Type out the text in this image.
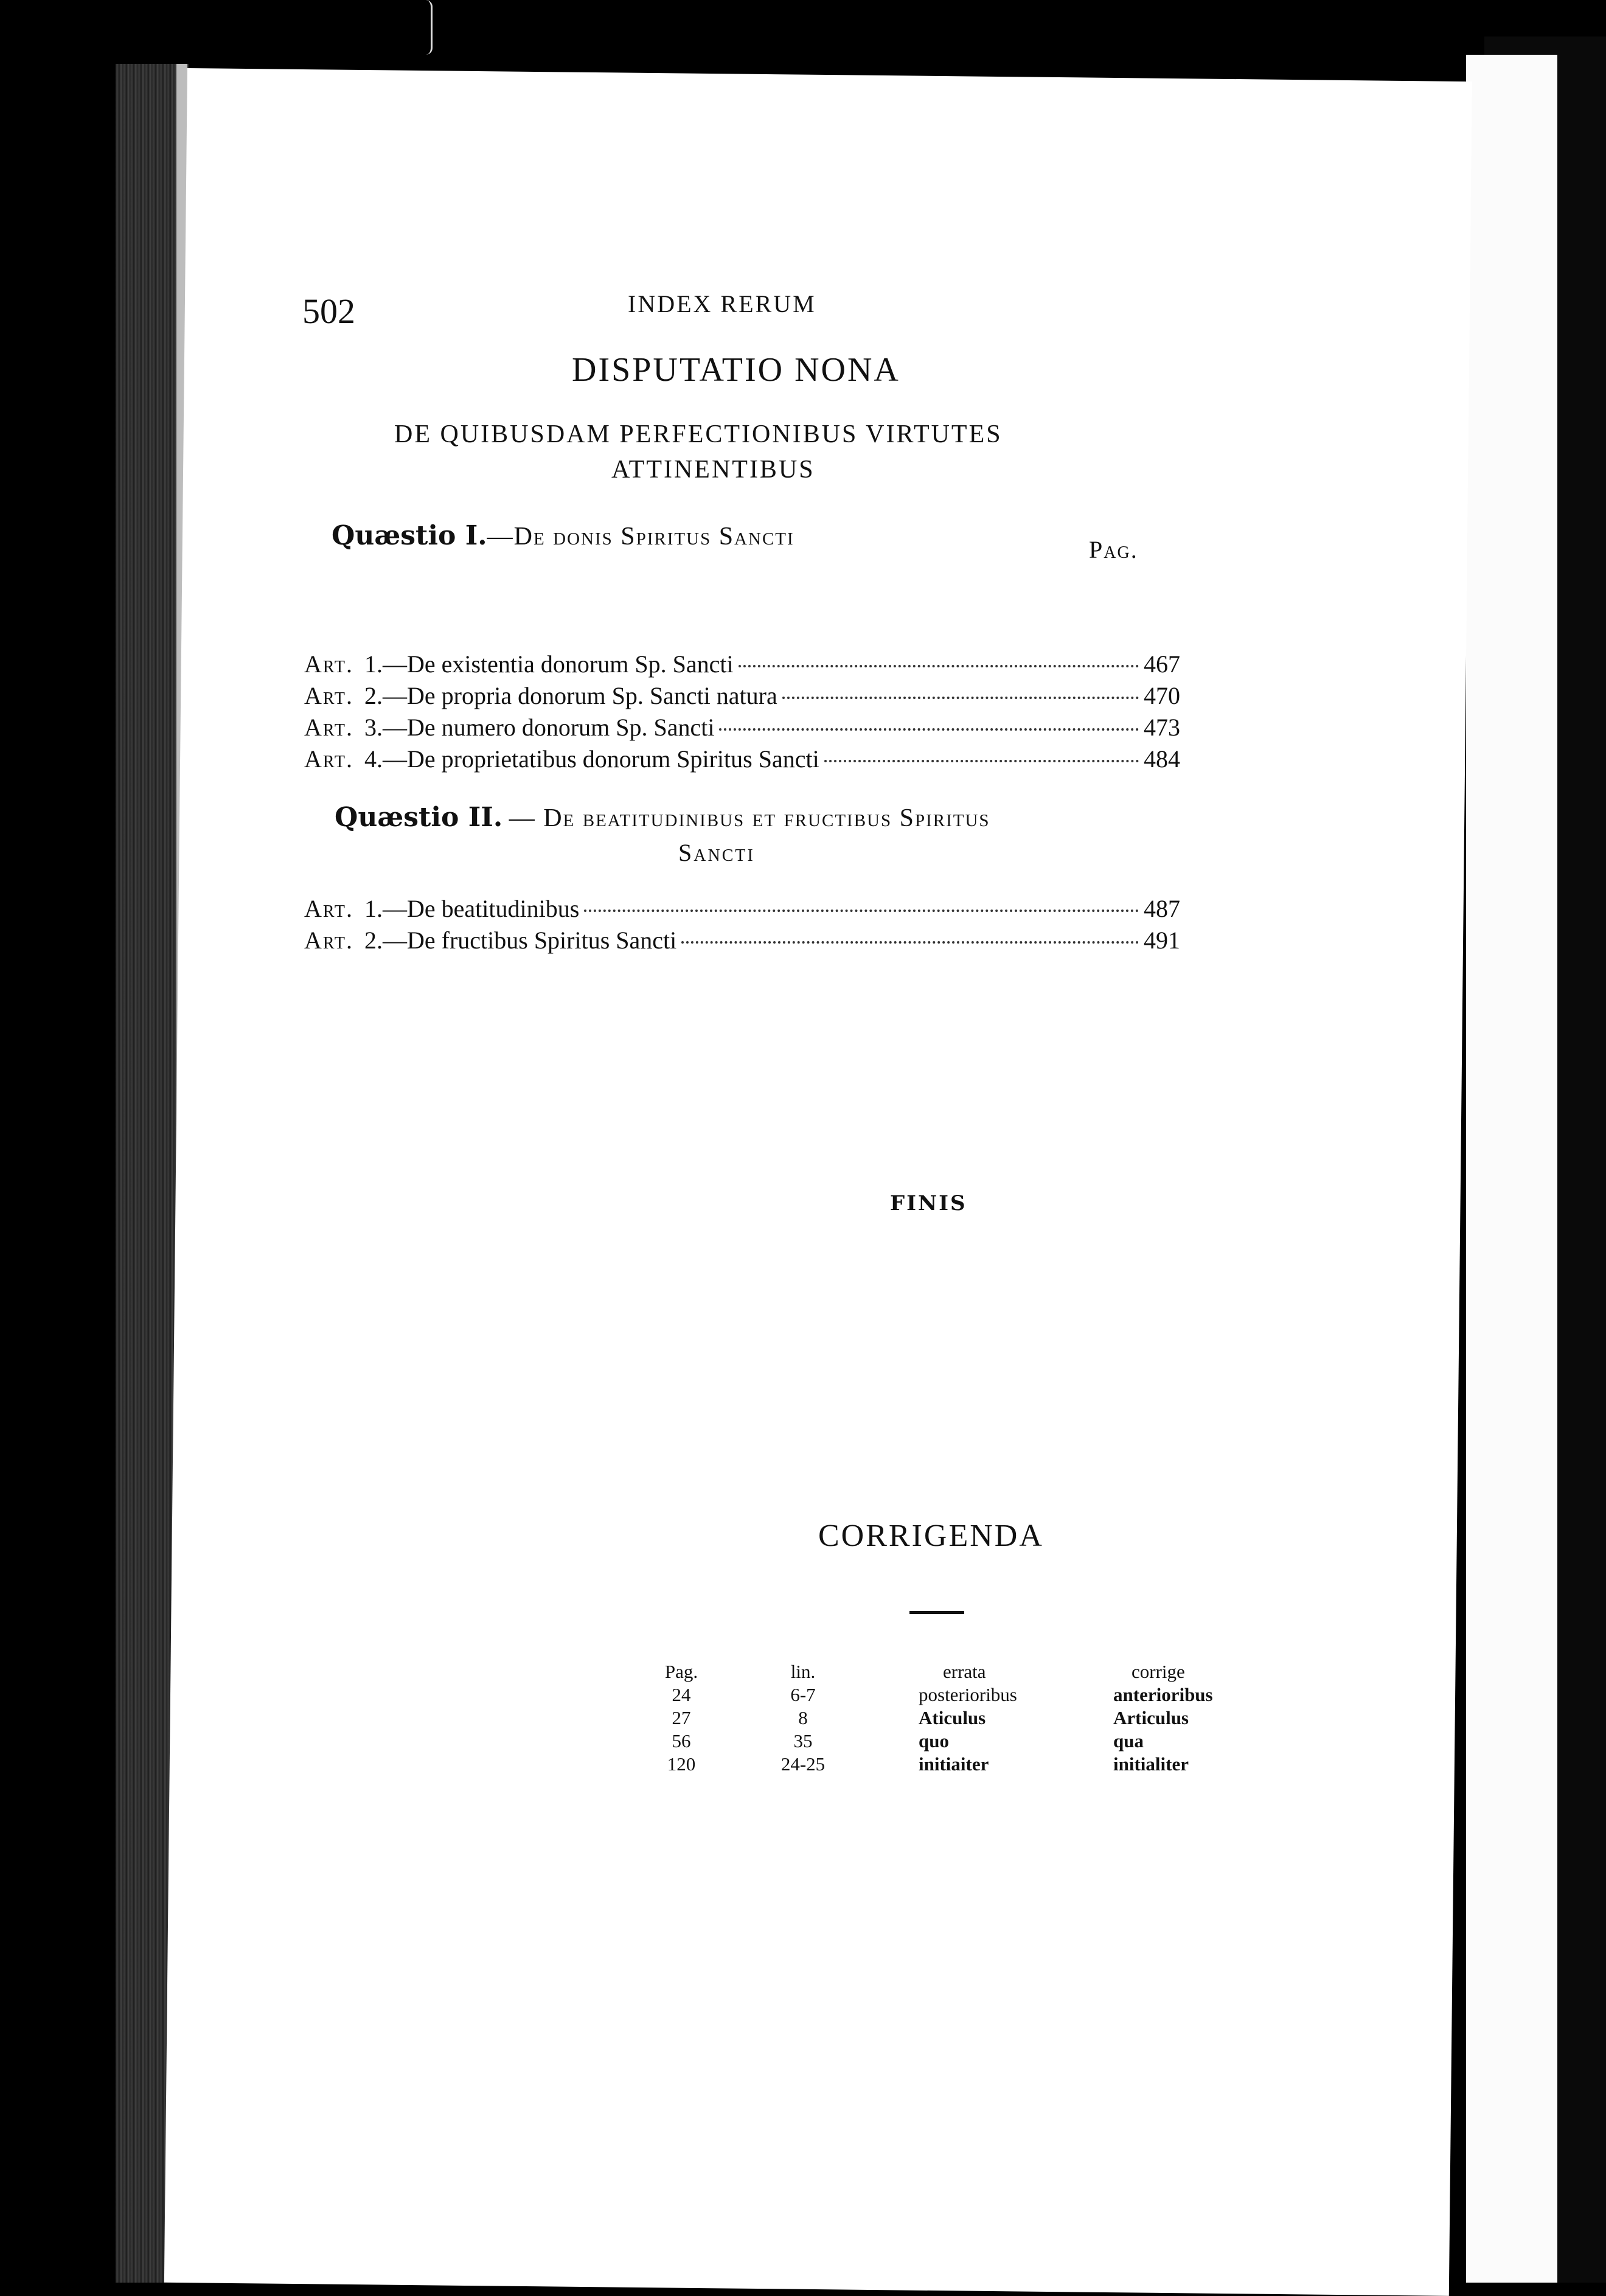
502	INDEX RERUM
DISPUTATIO NONA
DE QUIBUSDAM PERFECTIONIBUS VIRTUTES
ATTINENTIBUS
Quæstio I.—De donis Spiritus Sancti	Pag.
Art. 1.—De existentia donorum Sp. Sancti	467
Art. 2.—De propria donorum Sp. Sancti natura	470
Art. 3.—De numero donorum Sp. Sancti	473
Art. 4.—De proprietatibus donorum Spiritus Sancti	484
Quæstio II. — De beatitudinibus et fructibus Spiritus
Sancti
Art. 1.—De beatitudinibus	487
Art. 2.—De fructibus Spiritus Sancti	491
FINIS
CORRIGENDA
Pag.	lin.	errata	corrige
24	6-7	posterioribus	anterioribus
27	8	Aticulus	Articulus
56	35	quo	qua
120	24-25	initiaiter	initialiter
